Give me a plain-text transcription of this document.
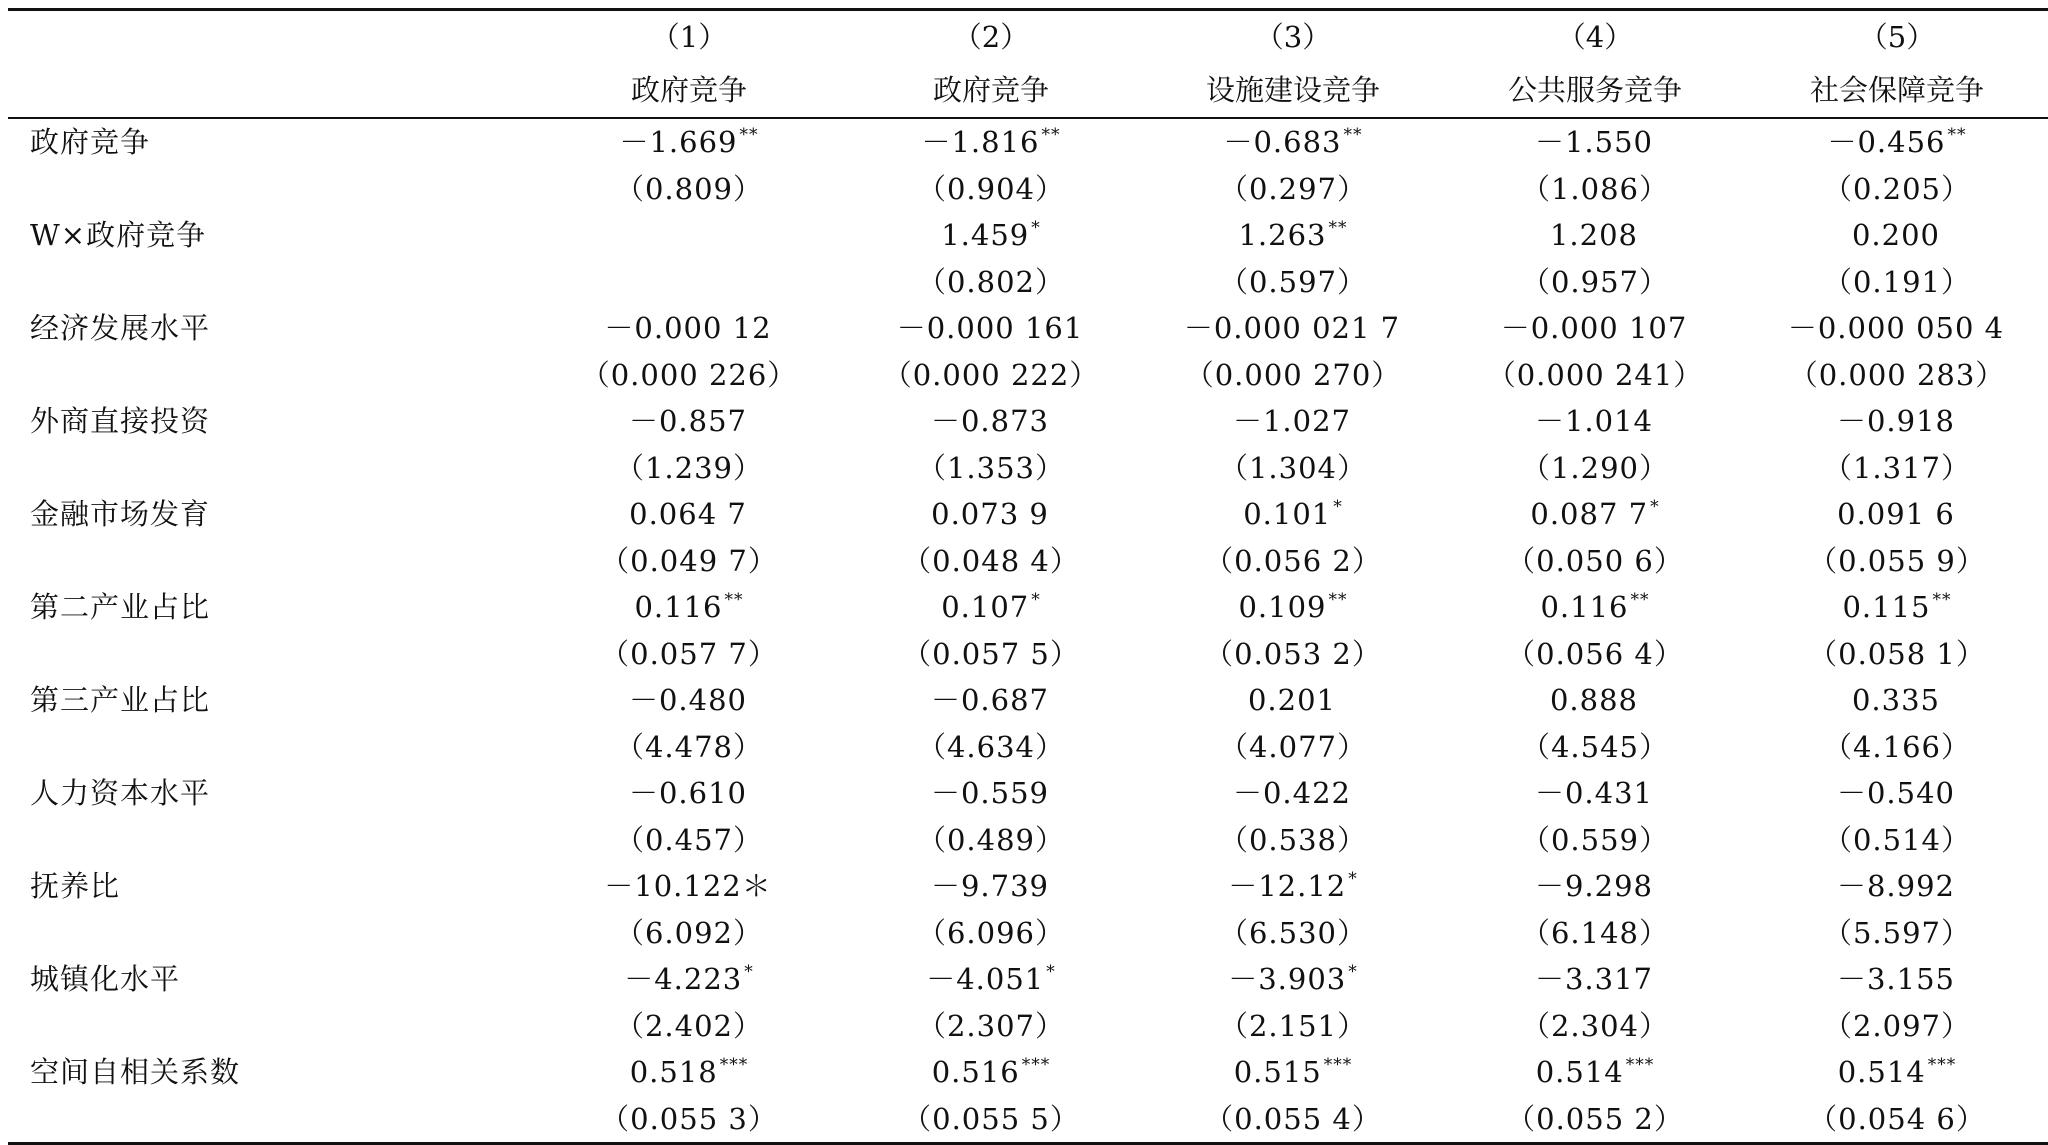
	（1）	（2）	（3）	（4）	（5）
	政府竞争	政府竞争	设施建设竞争	公共服务竞争	社会保障竞争
政府竞争	－1.669 **	－1.816 **	－0.683 **	－1.550	－0.456 **
	（0.809）	（0.904）	（0.297）	（1.086）	（0.205）
W×政府竞争		1.459 *	1.263 **	1.208	0.200
		（0.802）	（0.597）	（0.957）	（0.191）
经济发展水平	－0.000 12	－0.000 161	－0.000 021 7	－0.000 107	－0.000 050 4
	（0.000 226）	（0.000 222）	（0.000 270）	（0.000 241）	（0.000 283）
外商直接投资	－0.857	－0.873	－1.027	－1.014	－0.918
	（1.239）	（1.353）	（1.304）	（1.290）	（1.317）
金融市场发育	0.064 7	0.073 9	0.101 *	0.087 7 *	0.091 6
	（0.049 7）	（0.048 4）	（0.056 2）	（0.050 6）	（0.055 9）
第二产业占比	0.116 **	0.107 *	0.109 **	0.116 **	0.115 **
	（0.057 7）	（0.057 5）	（0.053 2）	（0.056 4）	（0.058 1）
第三产业占比	－0.480	－0.687	0.201	0.888	0.335
	（4.478）	（4.634）	（4.077）	（4.545）	（4.166）
人力资本水平	－0.610	－0.559	－0.422	－0.431	－0.540
	（0.457）	（0.489）	（0.538）	（0.559）	（0.514）
抚养比	－10.122＊	－9.739	－12.12 *	－9.298	－8.992
	（6.092）	（6.096）	（6.530）	（6.148）	（5.597）
城镇化水平	－4.223 *	－4.051 *	－3.903 *	－3.317	－3.155
	（2.402）	（2.307）	（2.151）	（2.304）	（2.097）
空间自相关系数	0.518 ***	0.516 ***	0.515 ***	0.514 ***	0.514 ***
	（0.055 3）	（0.055 5）	（0.055 4）	（0.055 2）	（0.054 6）
